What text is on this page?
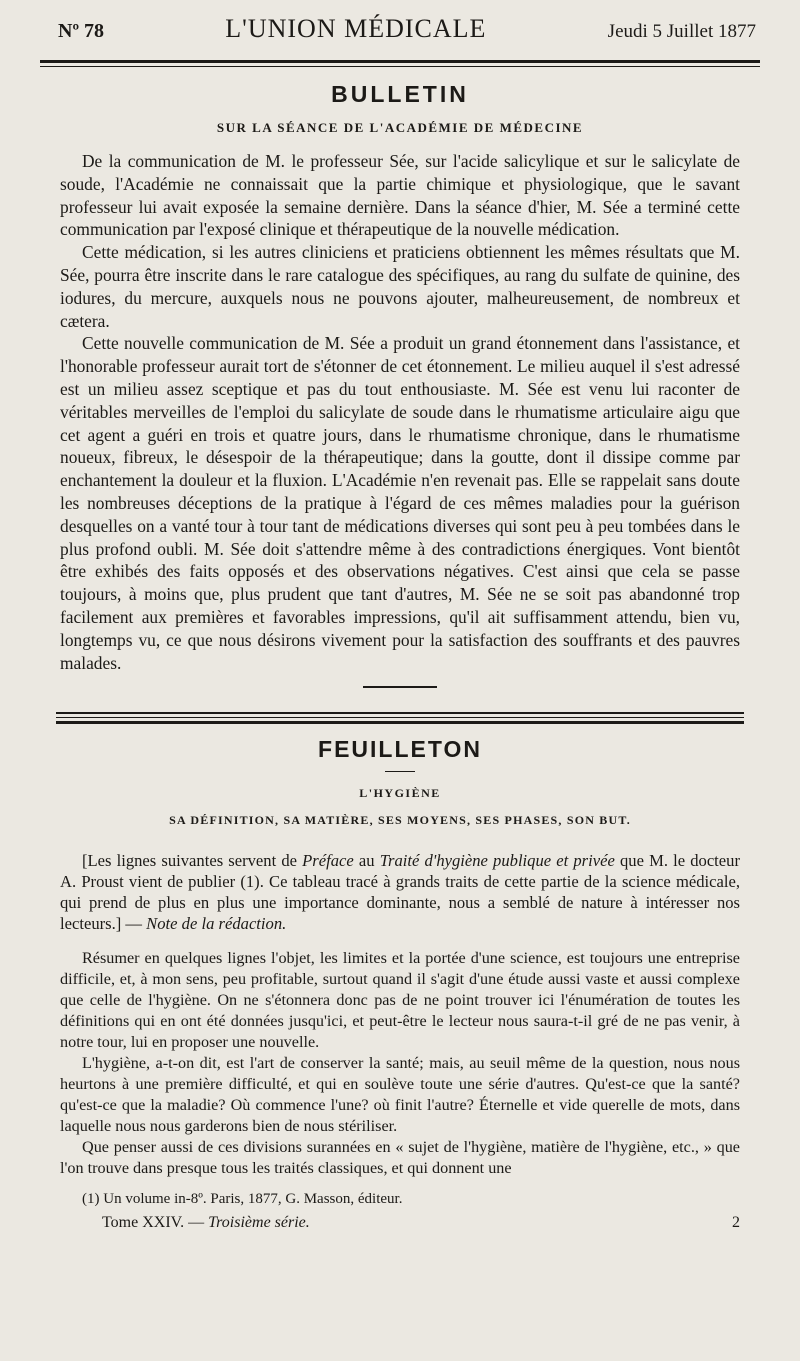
Nº 78	L'UNION MÉDICALE	Jeudi 5 Juillet 1877
BULLETIN
SUR LA SÉANCE DE L'ACADÉMIE DE MÉDECINE

De la communication de M. le professeur Sée, sur l'acide salicylique et sur le salicylate de soude, l'Académie ne connaissait que la partie chimique et physiologique, que le savant professeur lui avait exposée la semaine dernière. Dans la séance d'hier, M. Sée a terminé cette communication par l'exposé clinique et thérapeutique de la nouvelle médication.

Cette médication, si les autres cliniciens et praticiens obtiennent les mêmes résultats que M. Sée, pourra être inscrite dans le rare catalogue des spécifiques, au rang du sulfate de quinine, des iodures, du mercure, auxquels nous ne pouvons ajouter, malheureusement, de nombreux et cætera.

Cette nouvelle communication de M. Sée a produit un grand étonnement dans l'assistance, et l'honorable professeur aurait tort de s'étonner de cet étonnement. Le milieu auquel il s'est adressé est un milieu assez sceptique et pas du tout enthousiaste. M. Sée est venu lui raconter de véritables merveilles de l'emploi du salicylate de soude dans le rhumatisme articulaire aigu que cet agent a guéri en trois et quatre jours, dans le rhumatisme chronique, dans le rhumatisme noueux, fibreux, le désespoir de la thérapeutique; dans la goutte, dont il dissipe comme par enchantement la douleur et la fluxion. L'Académie n'en revenait pas. Elle se rappelait sans doute les nombreuses déceptions de la pratique à l'égard de ces mêmes maladies pour la guérison desquelles on a vanté tour à tour tant de médications diverses qui sont peu à peu tombées dans le plus profond oubli. M. Sée doit s'attendre même à des contradictions énergiques. Vont bientôt être exhibés des faits opposés et des observations négatives. C'est ainsi que cela se passe toujours, à moins que, plus prudent que tant d'autres, M. Sée ne se soit pas abandonné trop facilement aux premières et favorables impressions, qu'il ait suffisamment attendu, bien vu, longtemps vu, ce que nous désirons vivement pour la satisfaction des souffrants et des pauvres malades.

FEUILLETON
L'HYGIÈNE
SA DÉFINITION, SA MATIÈRE, SES MOYENS, SES PHASES, SON BUT.
[Les lignes suivantes servent de Préface au Traité d'hygiène publique et privée que M. le docteur A. Proust vient de publier (1). Ce tableau tracé à grands traits de cette partie de la science médicale, qui prend de plus en plus une importance dominante, nous a semblé de nature à intéresser nos lecteurs.] — Note de la rédaction.

Résumer en quelques lignes l'objet, les limites et la portée d'une science, est toujours une entreprise difficile, et, à mon sens, peu profitable, surtout quand il s'agit d'une étude aussi vaste et aussi complexe que celle de l'hygiène. On ne s'étonnera donc pas de ne point trouver ici l'énumération de toutes les définitions qui en ont été données jusqu'ici, et peut-être le lecteur nous saura-t-il gré de ne pas venir, à notre tour, lui en proposer une nouvelle.

L'hygiène, a-t-on dit, est l'art de conserver la santé; mais, au seuil même de la question, nous nous heurtons à une première difficulté, et qui en soulève toute une série d'autres. Qu'est-ce que la santé? qu'est-ce que la maladie? Où commence l'une? où finit l'autre? Éternelle et vide querelle de mots, dans laquelle nous nous garderons bien de nous stériliser.

Que penser aussi de ces divisions surannées en « sujet de l'hygiène, matière de l'hygiène, etc., » que l'on trouve dans presque tous les traités classiques, et qui donnent une

(1) Un volume in-8º. Paris, 1877, G. Masson, éditeur.
Tome XXIV. — Troisième série.	2
